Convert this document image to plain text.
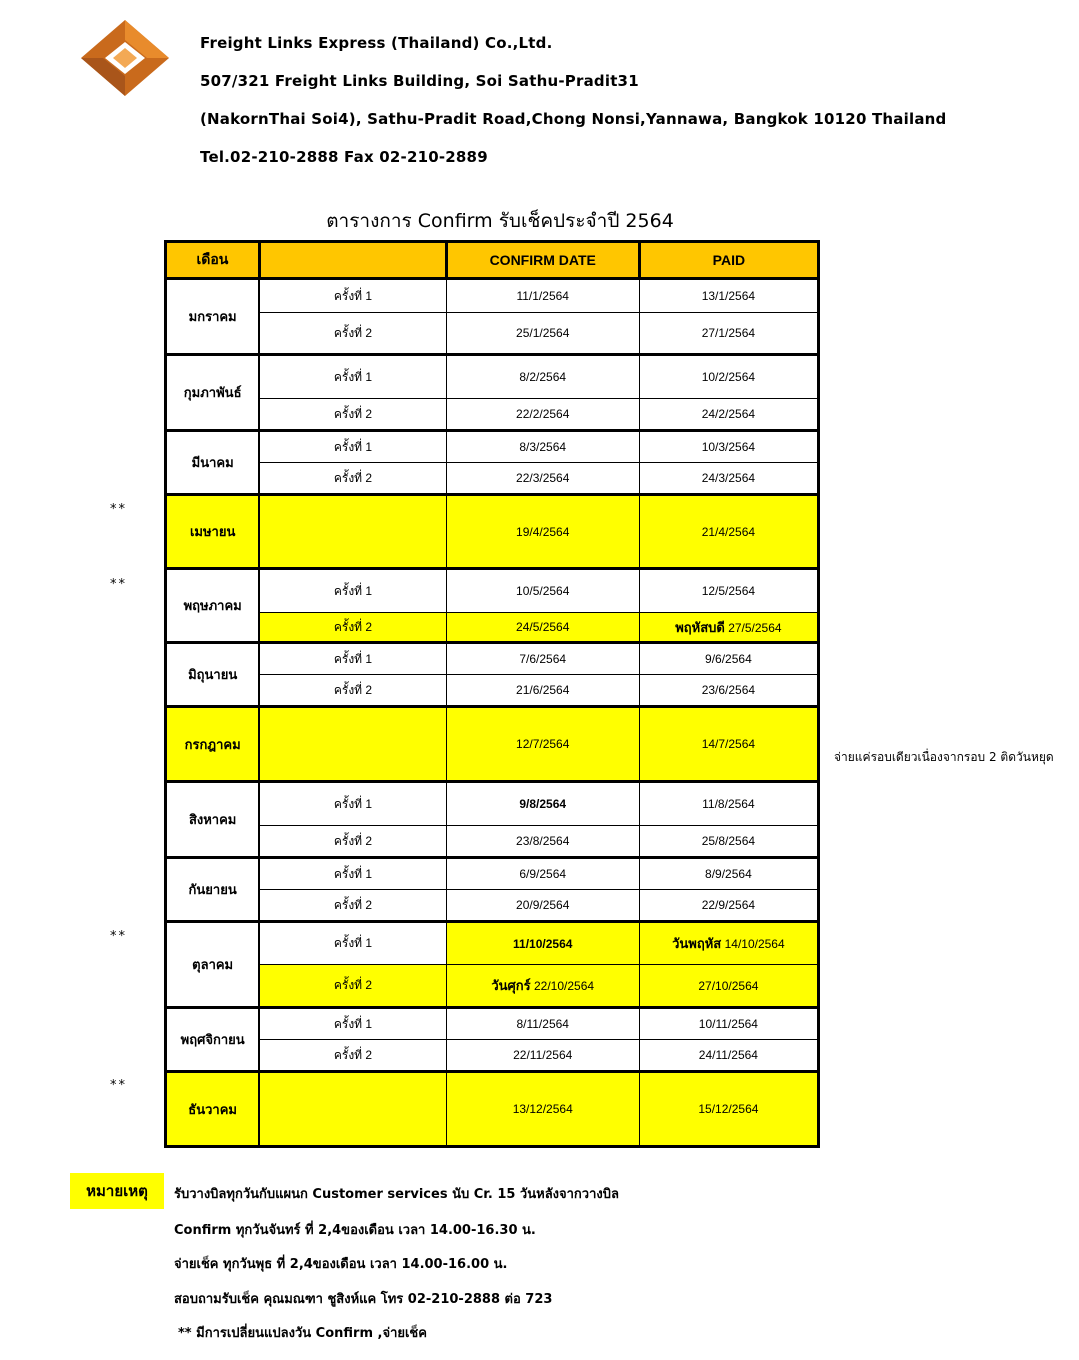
Freight Links Express (Thailand) Co.,Ltd.
507/321 Freight Links Building, Soi Sathu-Pradit31
(NakornThai Soi4), Sathu-Pradit Road,Chong Nonsi,Yannawa, Bangkok 10120 Thailand
Tel.02-210-2888 Fax 02-210-2889
ตารางการ Confirm รับเช็คประจำปี 2564
เดือน		CONFIRM DATE	PAID
มกราคม	ครั้งที่ 1	11/1/2564	13/1/2564
	ครั้งที่ 2	25/1/2564	27/1/2564
กุมภาพันธ์	ครั้งที่ 1	8/2/2564	10/2/2564
	ครั้งที่ 2	22/2/2564	24/2/2564
มีนาคม	ครั้งที่ 1	8/3/2564	10/3/2564
	ครั้งที่ 2	22/3/2564	24/3/2564
เมษายน		19/4/2564	21/4/2564
พฤษภาคม	ครั้งที่ 1	10/5/2564	12/5/2564
	ครั้งที่ 2	24/5/2564	พฤหัสบดี 27/5/2564
มิถุนายน	ครั้งที่ 1	7/6/2564	9/6/2564
	ครั้งที่ 2	21/6/2564	23/6/2564
กรกฎาคม		12/7/2564	14/7/2564
สิงหาคม	ครั้งที่ 1	9/8/2564	11/8/2564
	ครั้งที่ 2	23/8/2564	25/8/2564
กันยายน	ครั้งที่ 1	6/9/2564	8/9/2564
	ครั้งที่ 2	20/9/2564	22/9/2564
ตุลาคม	ครั้งที่ 1	11/10/2564	วันพฤหัส 14/10/2564
	ครั้งที่ 2	วันศุกร์ 22/10/2564	27/10/2564
พฤศจิกายน	ครั้งที่ 1	8/11/2564	10/11/2564
	ครั้งที่ 2	22/11/2564	24/11/2564
ธันวาคม		13/12/2564	15/12/2564
**
**
**
**
จ่ายแค่รอบเดียวเนื่องจากรอบ 2 ติดวันหยุด
หมายเหตุ	รับวางบิลทุกวันกับแผนก Customer services นับ Cr. 15 วันหลังจากวางบิล
Confirm ทุกวันจันทร์ ที่ 2,4ของเดือน เวลา 14.00-16.30 น.
จ่ายเช็ค ทุกวันพุธ ที่ 2,4ของเดือน เวลา 14.00-16.00 น.
สอบถามรับเช็ค คุณมณฑา ชูสิงห์แค โทร 02-210-2888 ต่อ 723
** มีการเปลี่ยนแปลงวัน Confirm ,จ่ายเช็ค
